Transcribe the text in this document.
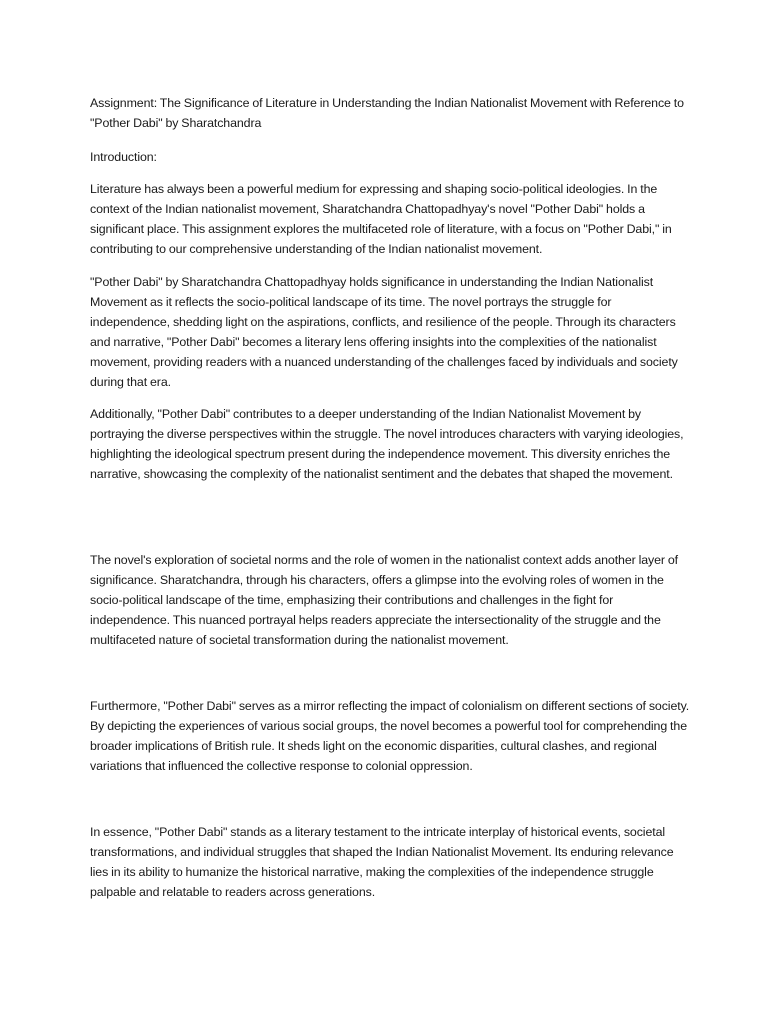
Assignment: The Significance of Literature in Understanding the Indian Nationalist Movement with Reference to "Pother Dabi" by Sharatchandra

Introduction:

Literature has always been a powerful medium for expressing and shaping socio-political ideologies. In the context of the Indian nationalist movement, Sharatchandra Chattopadhyay's novel "Pother Dabi" holds a significant place. This assignment explores the multifaceted role of literature, with a focus on "Pother Dabi," in contributing to our comprehensive understanding of the Indian nationalist movement.

"Pother Dabi" by Sharatchandra Chattopadhyay holds significance in understanding the Indian Nationalist Movement as it reflects the socio-political landscape of its time. The novel portrays the struggle for independence, shedding light on the aspirations, conflicts, and resilience of the people. Through its characters and narrative, "Pother Dabi" becomes a literary lens offering insights into the complexities of the nationalist movement, providing readers with a nuanced understanding of the challenges faced by individuals and society during that era.

Additionally, "Pother Dabi" contributes to a deeper understanding of the Indian Nationalist Movement by portraying the diverse perspectives within the struggle. The novel introduces characters with varying ideologies, highlighting the ideological spectrum present during the independence movement. This diversity enriches the narrative, showcasing the complexity of the nationalist sentiment and the debates that shaped the movement.

The novel's exploration of societal norms and the role of women in the nationalist context adds another layer of significance. Sharatchandra, through his characters, offers a glimpse into the evolving roles of women in the socio-political landscape of the time, emphasizing their contributions and challenges in the fight for independence. This nuanced portrayal helps readers appreciate the intersectionality of the struggle and the multifaceted nature of societal transformation during the nationalist movement.

Furthermore, "Pother Dabi" serves as a mirror reflecting the impact of colonialism on different sections of society. By depicting the experiences of various social groups, the novel becomes a powerful tool for comprehending the broader implications of British rule. It sheds light on the economic disparities, cultural clashes, and regional variations that influenced the collective response to colonial oppression.

In essence, "Pother Dabi" stands as a literary testament to the intricate interplay of historical events, societal transformations, and individual struggles that shaped the Indian Nationalist Movement. Its enduring relevance lies in its ability to humanize the historical narrative, making the complexities of the independence struggle palpable and relatable to readers across generations.
